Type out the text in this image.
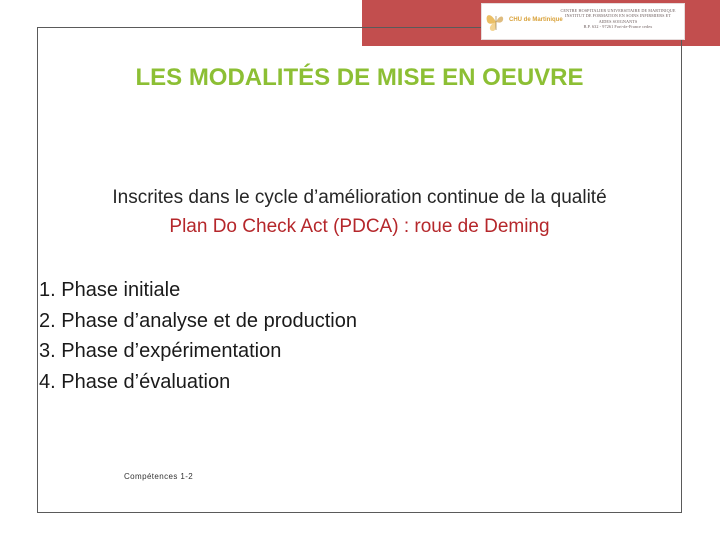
CHU de Martinique
CENTRE HOSPITALIER UNIVERSITAIRE DE MARTINIQUE
INSTITUT DE FORMATION EN SOINS INFIRMIERS ET
AIDES SOIGNANTS
B.P. 632 - 97261 Fort-de-France cedex
LES MODALITÉS DE MISE EN OEUVRE
Inscrites dans le cycle d’amélioration continue de la qualité
Plan Do Check Act (PDCA) : roue de Deming
1. Phase initiale
2. Phase d’analyse et de production
3. Phase d’expérimentation
4. Phase d’évaluation
Compétences 1-2
